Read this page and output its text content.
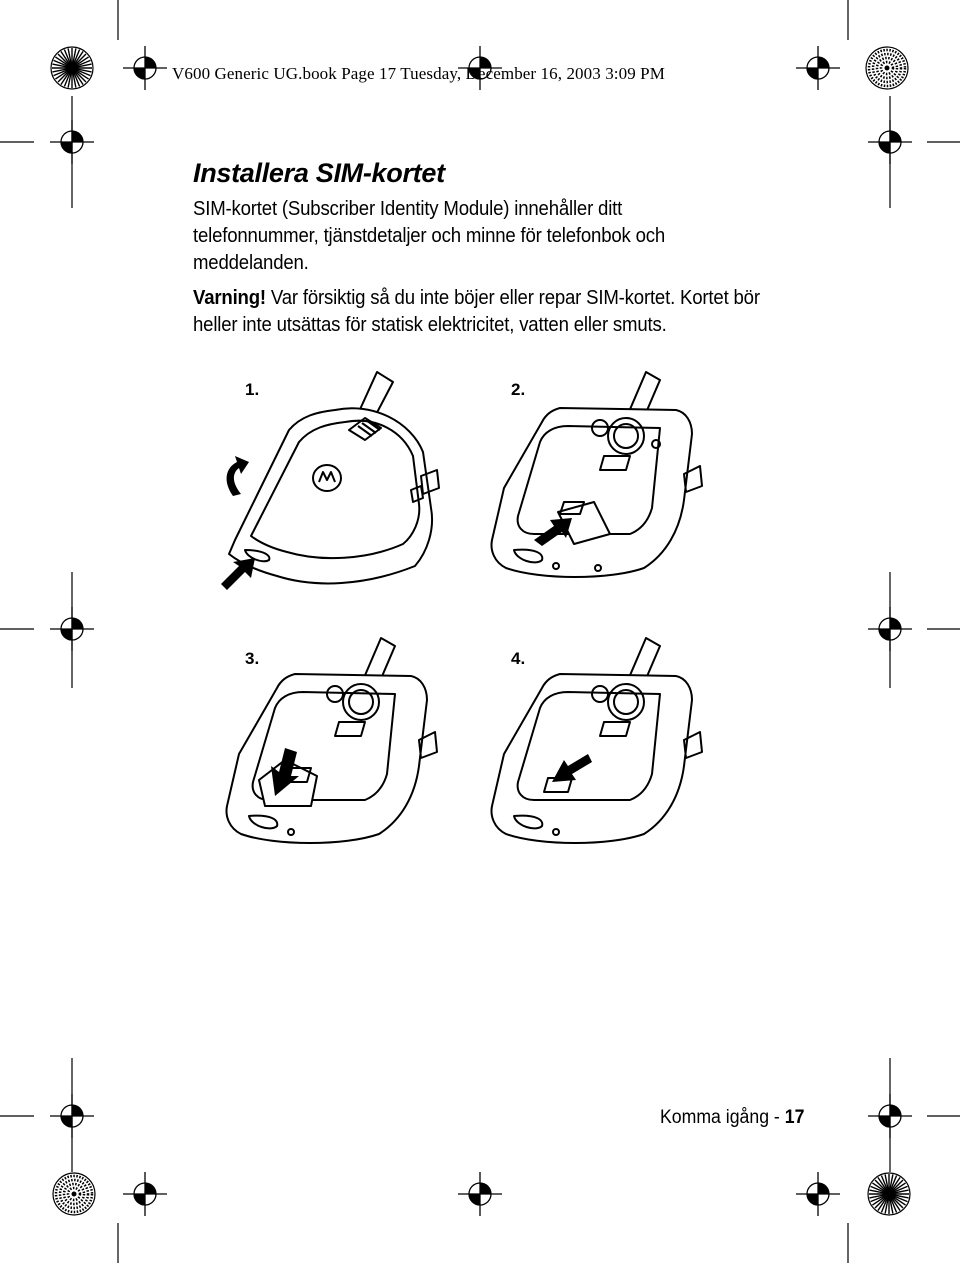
V600 Generic UG.book Page 17 Tuesday, December 16, 2003 3:09 PM
Installera SIM-kortet

SIM-kortet (Subscriber Identity Module) innehåller ditt telefonnummer, tjänstdetaljer och minne för telefonbok och meddelanden.

Varning! Var försiktig så du inte böjer eller repar SIM-kortet. Kortet bör heller inte utsättas för statisk elektricitet, vatten eller smuts.

1.	2.
3.	4.
Komma igång - 17
